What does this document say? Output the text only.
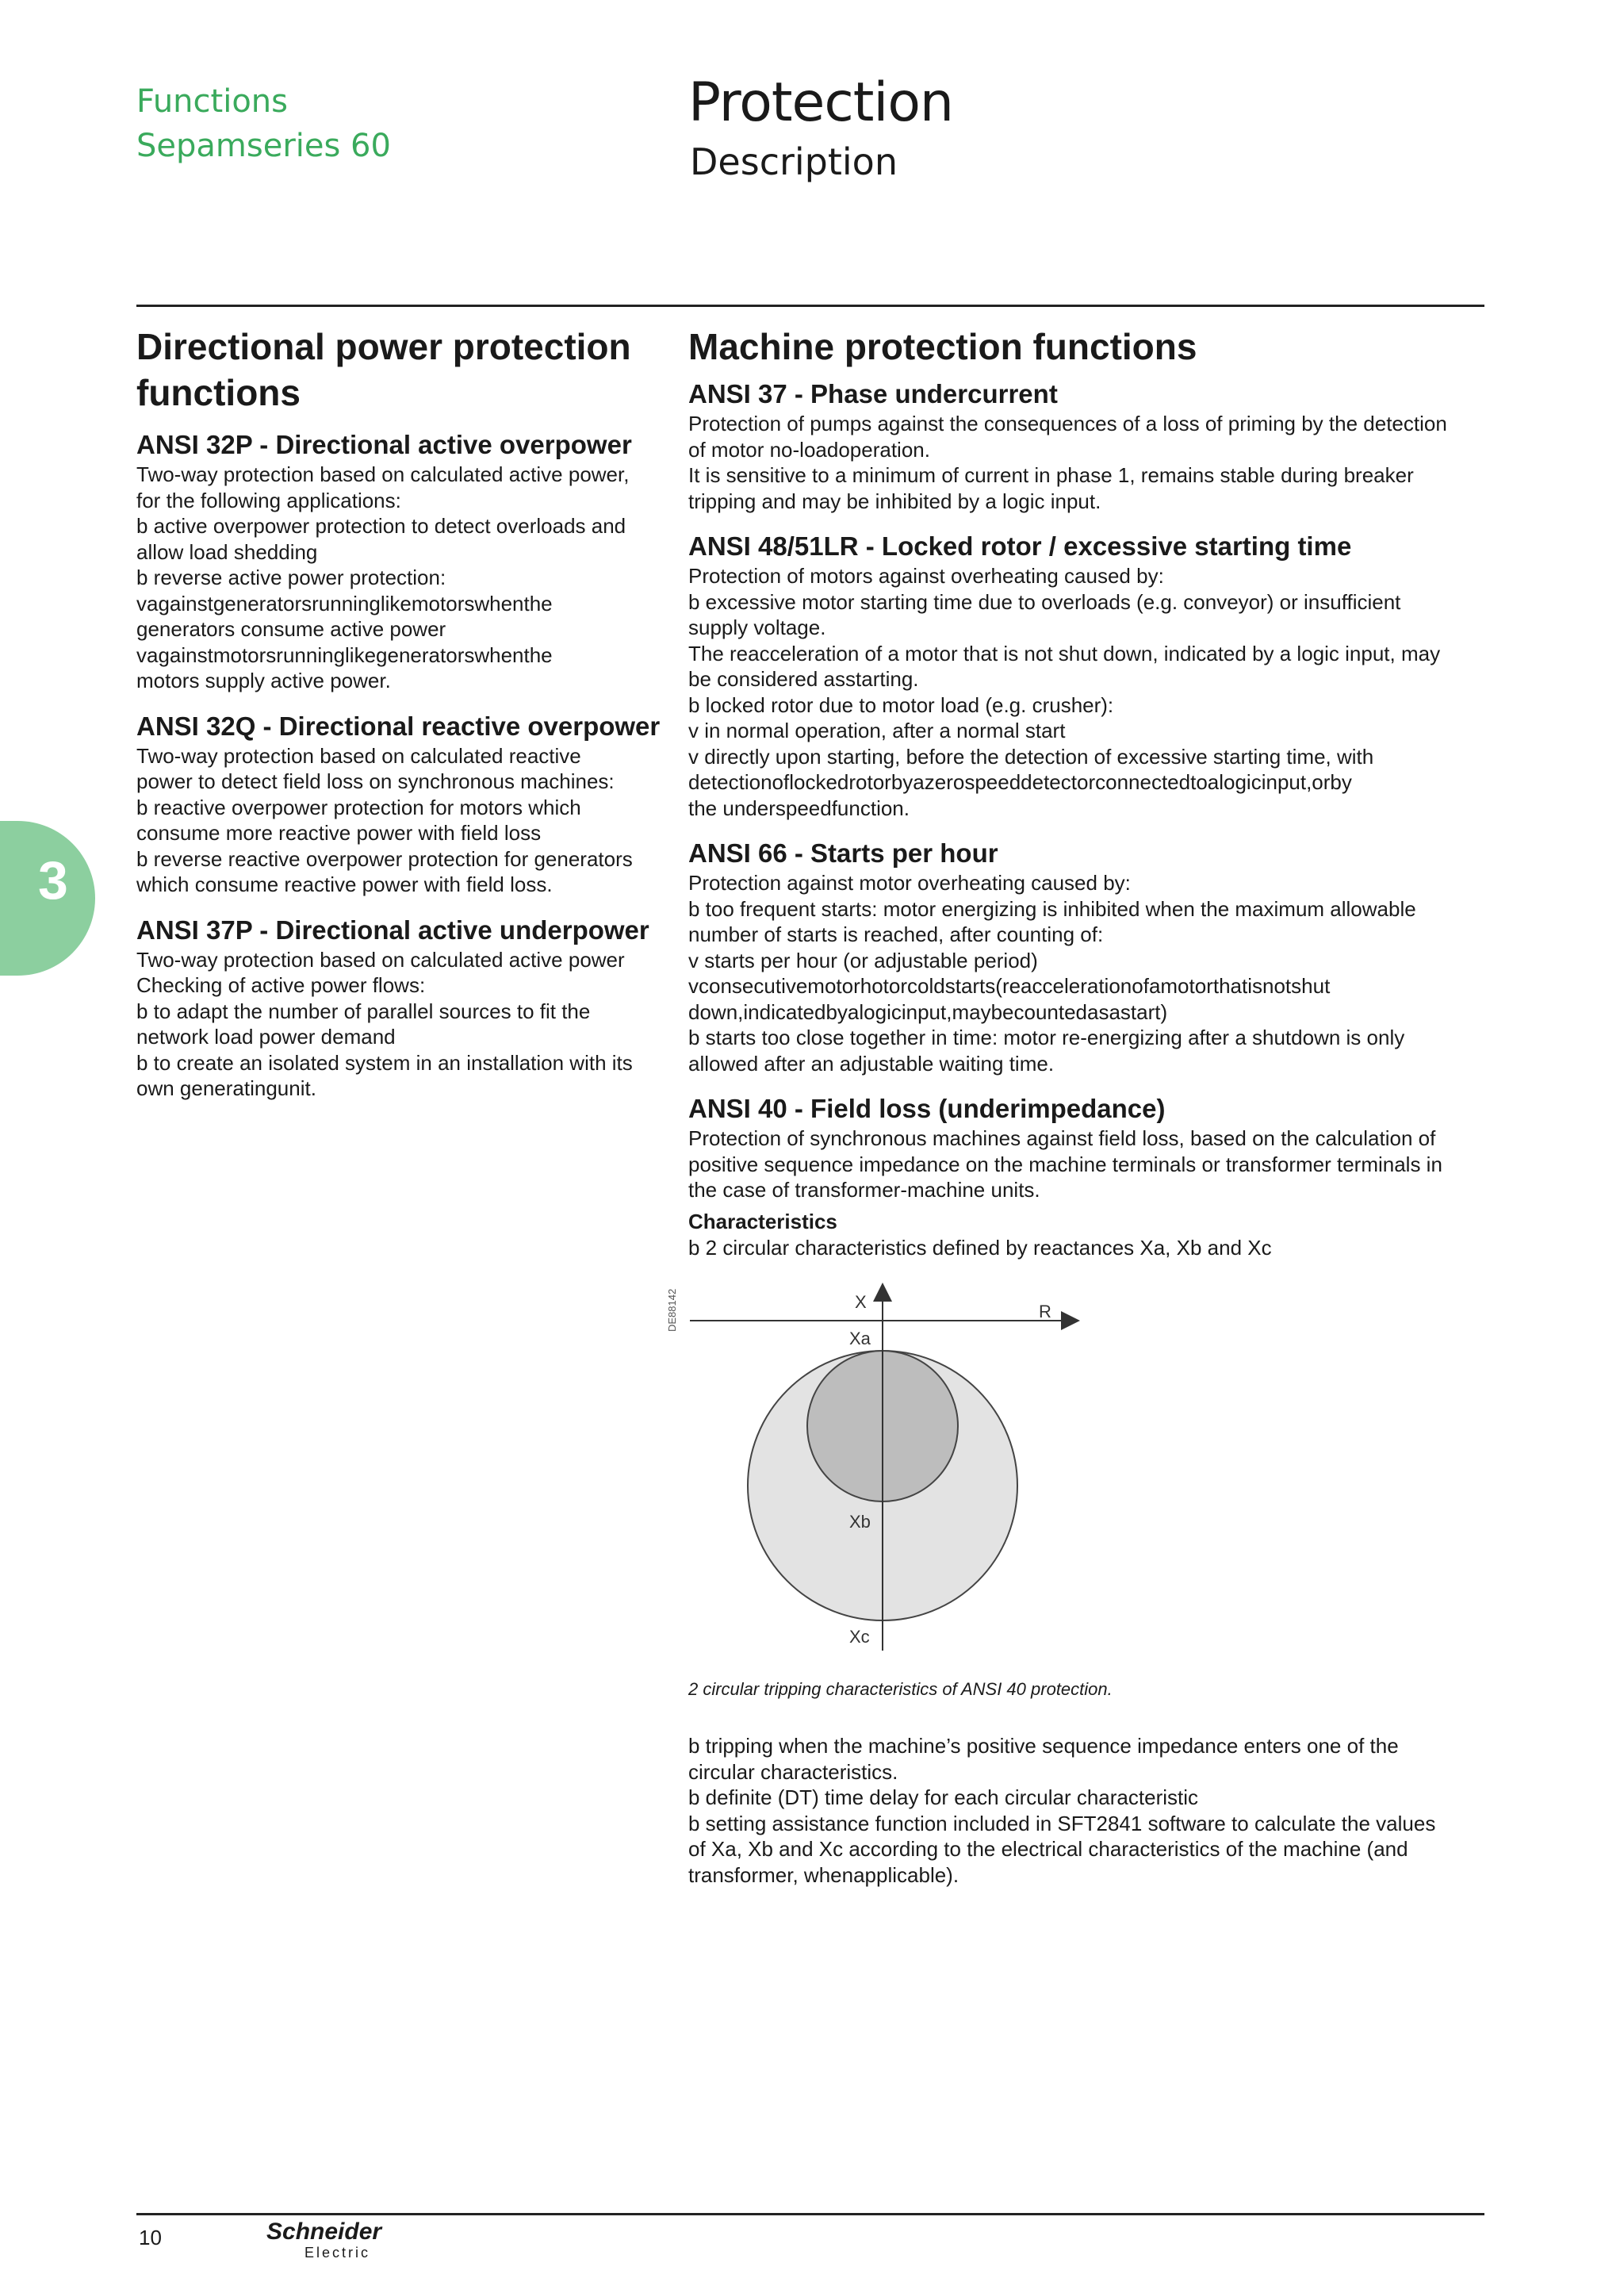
Functions
Sepamseries 60
Protection
Description
3
Directional power protection functions
ANSI 32P - Directional active overpower

Two-way protection based on calculated active power,

for the following applications:

b active overpower protection to detect overloads and

allow load shedding

b reverse active power protection:

vagainstgeneratorsrunninglikemotorswhenthe

generators consume active power

vagainstmotorsrunninglikegeneratorswhenthe

motors supply active power.

ANSI 32Q - Directional reactive overpower

Two-way protection based on calculated reactive

power to detect field loss on synchronous machines:

b reactive overpower protection for motors which

consume more reactive power with field loss

b reverse reactive overpower protection for generators

which consume reactive power with field loss.

ANSI 37P - Directional active underpower

Two-way protection based on calculated active power

Checking of active power flows:

b to adapt the number of parallel sources to fit the

network load power demand

b to create an isolated system in an installation with its

own generatingunit.

Machine protection functions
ANSI 37 - Phase undercurrent

Protection of pumps against the consequences of a loss of priming by the detection

of motor no-loadoperation.

It is sensitive to a minimum of current in phase 1, remains stable during breaker

tripping and may be inhibited by a logic input.

ANSI 48/51LR - Locked rotor / excessive starting time

Protection of motors against overheating caused by:

b excessive motor starting time due to overloads (e.g. conveyor) or insufficient

supply voltage.

The reacceleration of a motor that is not shut down, indicated by a logic input, may

be considered asstarting.

b locked rotor due to motor load (e.g. crusher):

v in normal operation, after a normal start

v directly upon starting, before the detection of excessive starting time, with

detectionoflockedrotorbyazerospeeddetectorconnectedtoalogicinput,orby

the underspeedfunction.

ANSI 66 - Starts per hour

Protection against motor overheating caused by:

b too frequent starts: motor energizing is inhibited when the maximum allowable

number of starts is reached, after counting of:

v starts per hour (or adjustable period)

vconsecutivemotorhotorcoldstarts(reaccelerationofamotorthatisnotshut

down,indicatedbyalogicinput,maybecountedasastart)

b starts too close together in time: motor re-energizing after a shutdown is only

allowed after an adjustable waiting time.

ANSI 40 - Field loss (underimpedance)

Protection of synchronous machines against field loss, based on the calculation of

positive sequence impedance on the machine terminals or transformer terminals in

the case of transformer-machine units.

Characteristics

b 2 circular characteristics defined by reactances Xa, Xb and Xc

X	R
Xa
Xb
Xc
DE88142
2 circular tripping characteristics of ANSI 40 protection.

b tripping when the machine’s positive sequence impedance enters one of the

circular characteristics.

b definite (DT) time delay for each circular characteristic

b setting assistance function included in SFT2841 software to calculate the values

of Xa, Xb and Xc according to the electrical characteristics of the machine (and

transformer, whenapplicable).

10	Schneider
Electric
